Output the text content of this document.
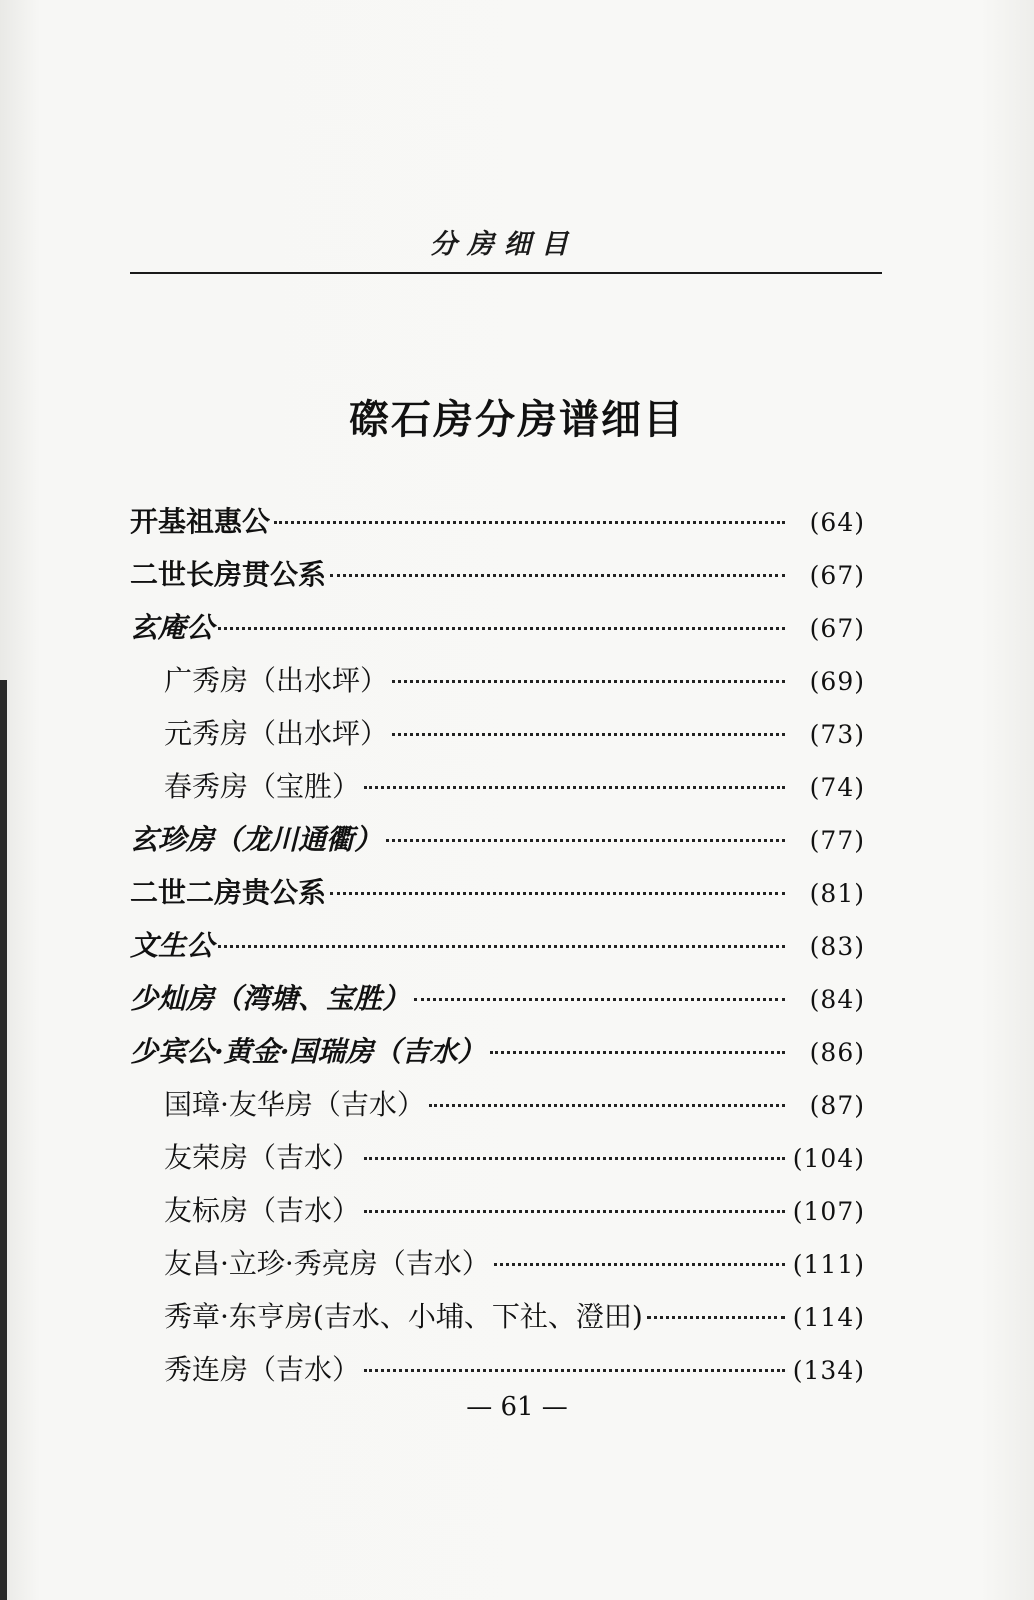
分房细目
磜石房分房谱细目
开基祖惠公	(64)
二世长房贯公系	(67)
玄庵公	(67)
广秀房（出水坪）	(69)
元秀房（出水坪）	(73)
春秀房（宝胜）	(74)
玄珍房（龙川通衢）	(77)
二世二房贵公系	(81)
文生公	(83)
少灿房（湾塘、宝胜）	(84)
少宾公·黄金·国瑞房（吉水）	(86)
国璋·友华房（吉水）	(87)
友荣房（吉水）	(104)
友标房（吉水）	(107)
友昌·立珍·秀亮房（吉水）	(111)
秀章·东亨房(吉水、小埔、下社、澄田)	(114)
秀连房（吉水）	(134)
— 61 —
